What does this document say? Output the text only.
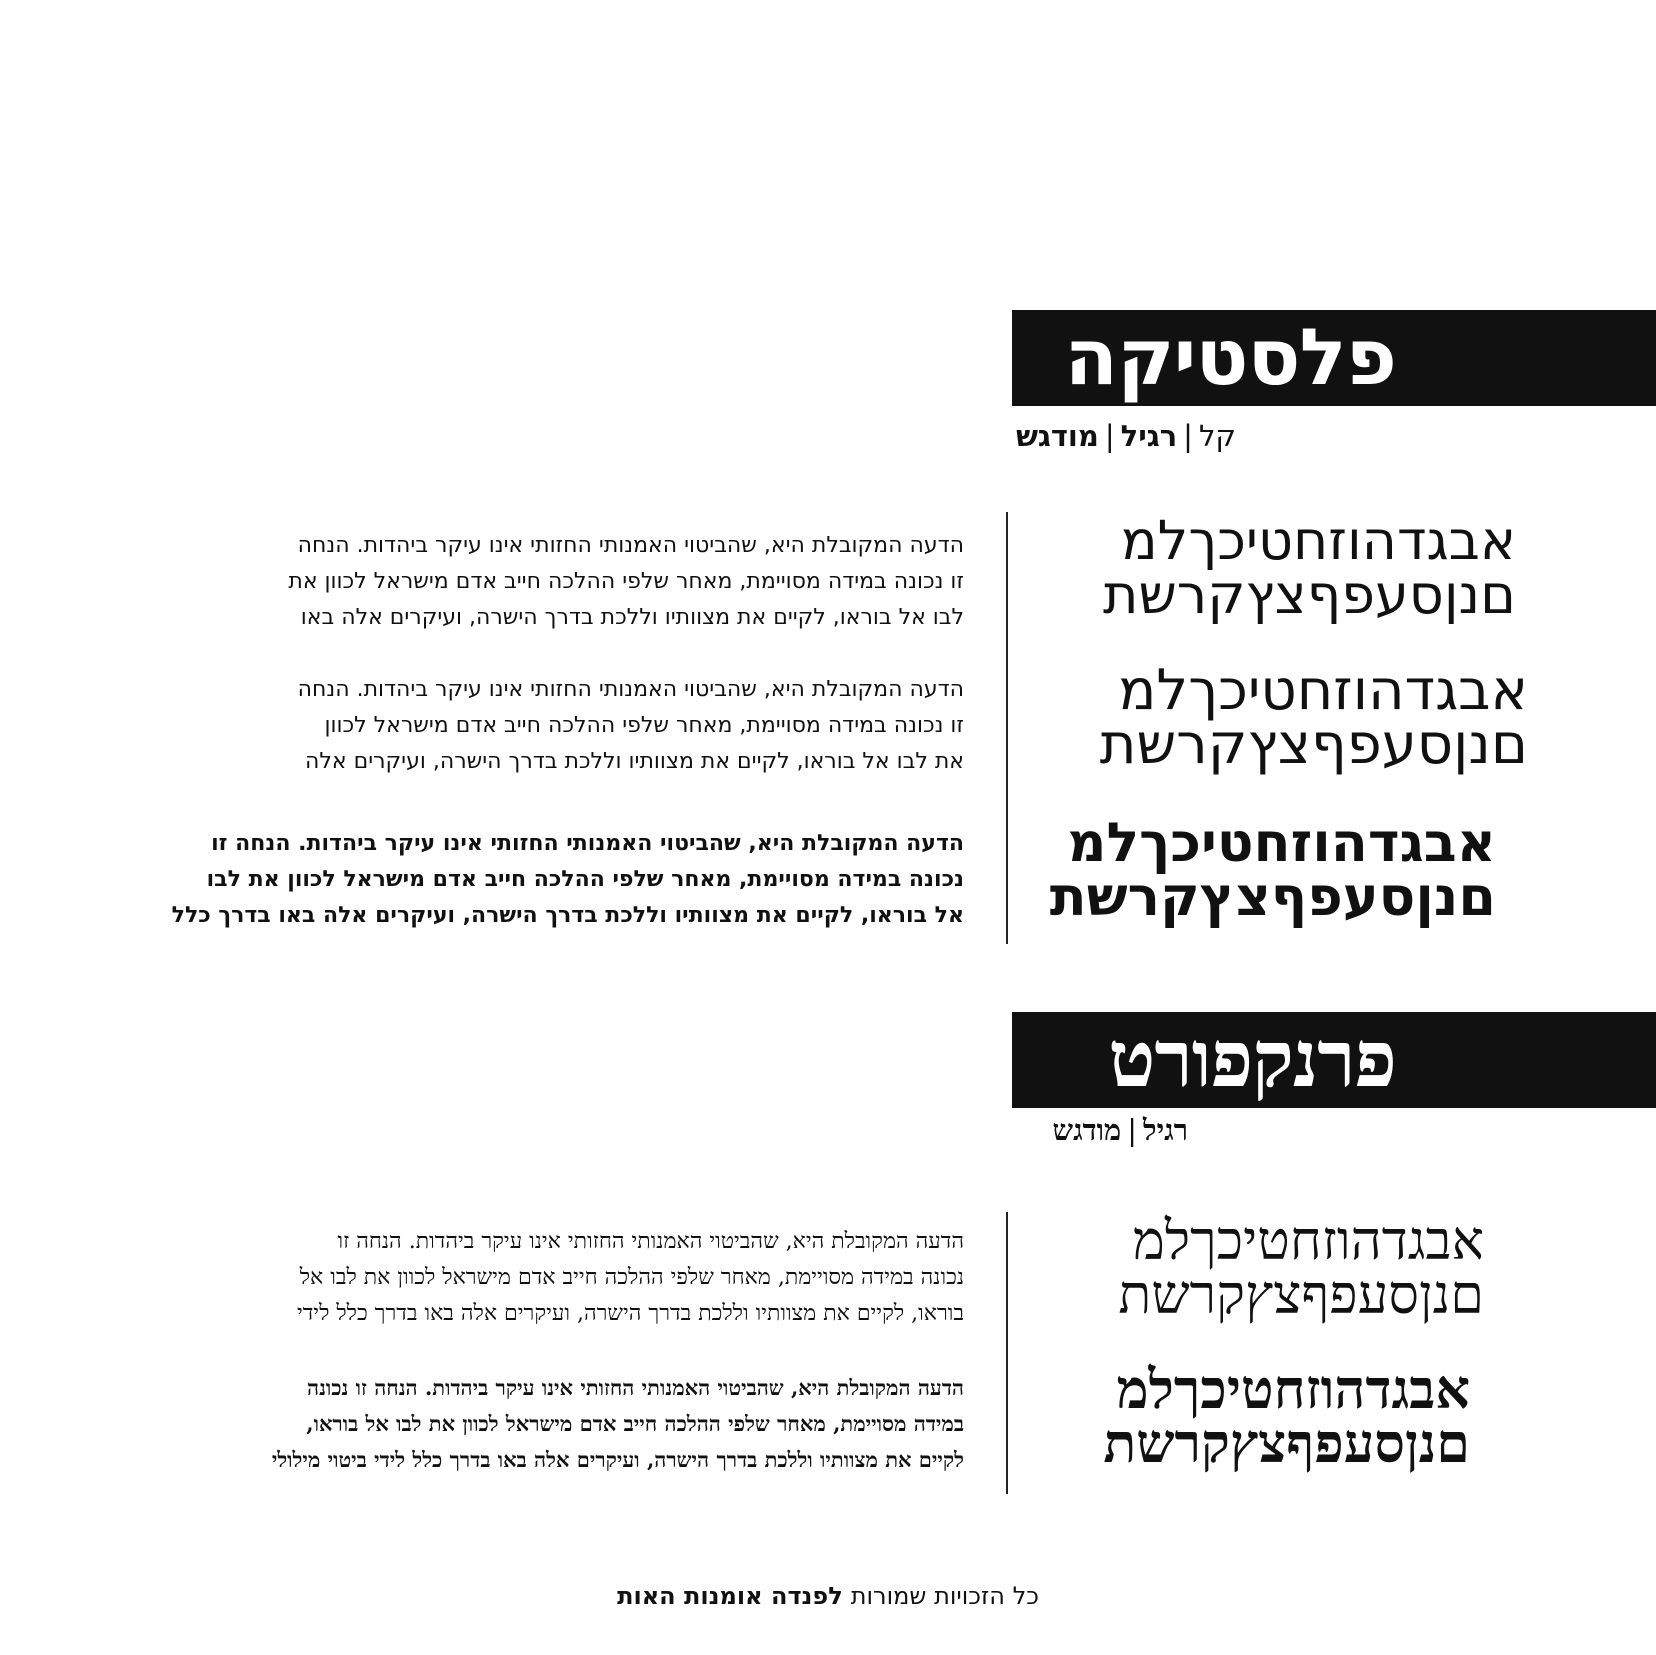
פלסטיקה
קל|רגיל|מודגש
אבגדהוזחטיכךלמ
םנןסעפףצץקרשת
הדעה המקובלת היא, שהביטוי האמנותי החזותי אינו עיקר ביהדות. הנחה
זו נכונה במידה מסויימת, מאחר שלפי ההלכה חייב אדם מישראל לכוון את
לבו אל בוראו, לקיים את מצוותיו וללכת בדרך הישרה, ועיקרים אלה באו
אבגדהוזחטיכךלמ
םנןסעפףצץקרשת
הדעה המקובלת היא, שהביטוי האמנותי החזותי אינו עיקר ביהדות. הנחה
זו נכונה במידה מסויימת, מאחר שלפי ההלכה חייב אדם מישראל לכוון
את לבו אל בוראו, לקיים את מצוותיו וללכת בדרך הישרה, ועיקרים אלה
אבגדהוזחטיכךלמ
םנןסעפףצץקרשת
הדעה המקובלת היא, שהביטוי האמנותי החזותי אינו עיקר ביהדות. הנחה זו
נכונה במידה מסויימת, מאחר שלפי ההלכה חייב אדם מישראל לכוון את לבו
אל בוראו, לקיים את מצוותיו וללכת בדרך הישרה, ועיקרים אלה באו בדרך כלל
פרנקפורט
רגיל|מודגש
אבגדהוזחטיכךלמ
םנןסעפףצץקרשת
הדעה המקובלת היא, שהביטוי האמנותי החזותי אינו עיקר ביהדות. הנחה זו
נכונה במידה מסויימת, מאחר שלפי ההלכה חייב אדם מישראל לכוון את לבו אל
בוראו, לקיים את מצוותיו וללכת בדרך הישרה, ועיקרים אלה באו בדרך כלל לידי
אבגדהוזחטיכךלמ
םנןסעפףצץקרשת
הדעה המקובלת היא, שהביטוי האמנותי החזותי אינו עיקר ביהדות. הנחה זו נכונה
במידה מסויימת, מאחר שלפי ההלכה חייב אדם מישראל לכוון את לבו אל בוראו,
לקיים את מצוותיו וללכת בדרך הישרה, ועיקרים אלה באו בדרך כלל לידי ביטוי מילולי
כל הזכויות שמורות
לפנדה אומנות האות
